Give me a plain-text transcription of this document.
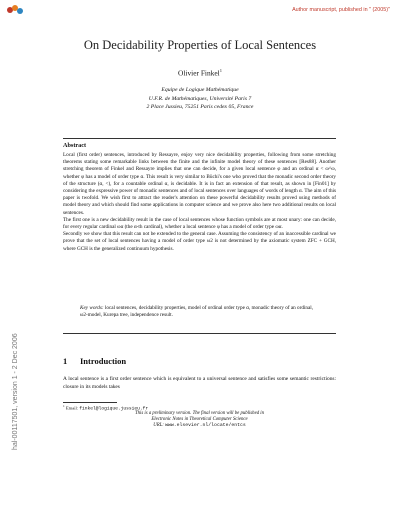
Author manuscript, published in " (2005)"
hal-00117501, version 1 - 2 Dec 2006
On Decidability Properties of Local Sentences
Olivier Finkel$^1$
Equipe de Logique Mathématique
U.F.R. de Mathématiques, Université Paris 7
2 Place Jussieu, 75251 Paris cedex 05, France
Abstract

Local (first order) sentences, introduced by Ressayre, enjoy very nice decidability properties, following from some stretching theorems stating some remarkable links between the finite and the infinite model theory of these sentences [Res88]. Another stretching theorem of Finkel and Ressayre implies that one can decide, for a given local sentence φ and an ordinal α < ω^ω, whether φ has a model of order type α. This result is very similar to Büchi's one who proved that the monadic second order theory of the structure (α, <), for a countable ordinal α, is decidable. It is in fact an extension of that result, as shown in [Fin01] by considering the expressive power of monadic sentences and of local sentences over languages of words of length α. The aim of this paper is twofold. We wish first to attract the reader's attention on these powerful decidability results proved using methods of model theory and which should find some applications in computer science and we prove also here two additional results on local sentences.

The first one is a new decidability result in the case of local sentences whose function symbols are at most unary: one can decide, for every regular cardinal ωα (the α-th cardinal), whether a local sentence φ has a model of order type ωα.

Secondly we show that this result can not be extended to the general case. Assuming the consistency of an inaccessible cardinal we prove that the set of local sentences having a model of order type ω2 is not determined by the axiomatic system ZFC + GCH, where GCH is the generalized continuum hypothesis.

Key words: local sentences, decidability properties, model of ordinal order type α, monadic theory of an ordinal, ω2-model, Kurepa tree, independence result.
1 Introduction

A local sentence is a first order sentence which is equivalent to a universal sentence and satisfies some semantic restrictions: closure in its models takes

$^1$ Email: finkel@logique.jussieu.fr
This is a preliminary version. The final version will be published in
Electronic Notes in Theoretical Computer Science
URL: www.elsevier.nl/locate/entcs
